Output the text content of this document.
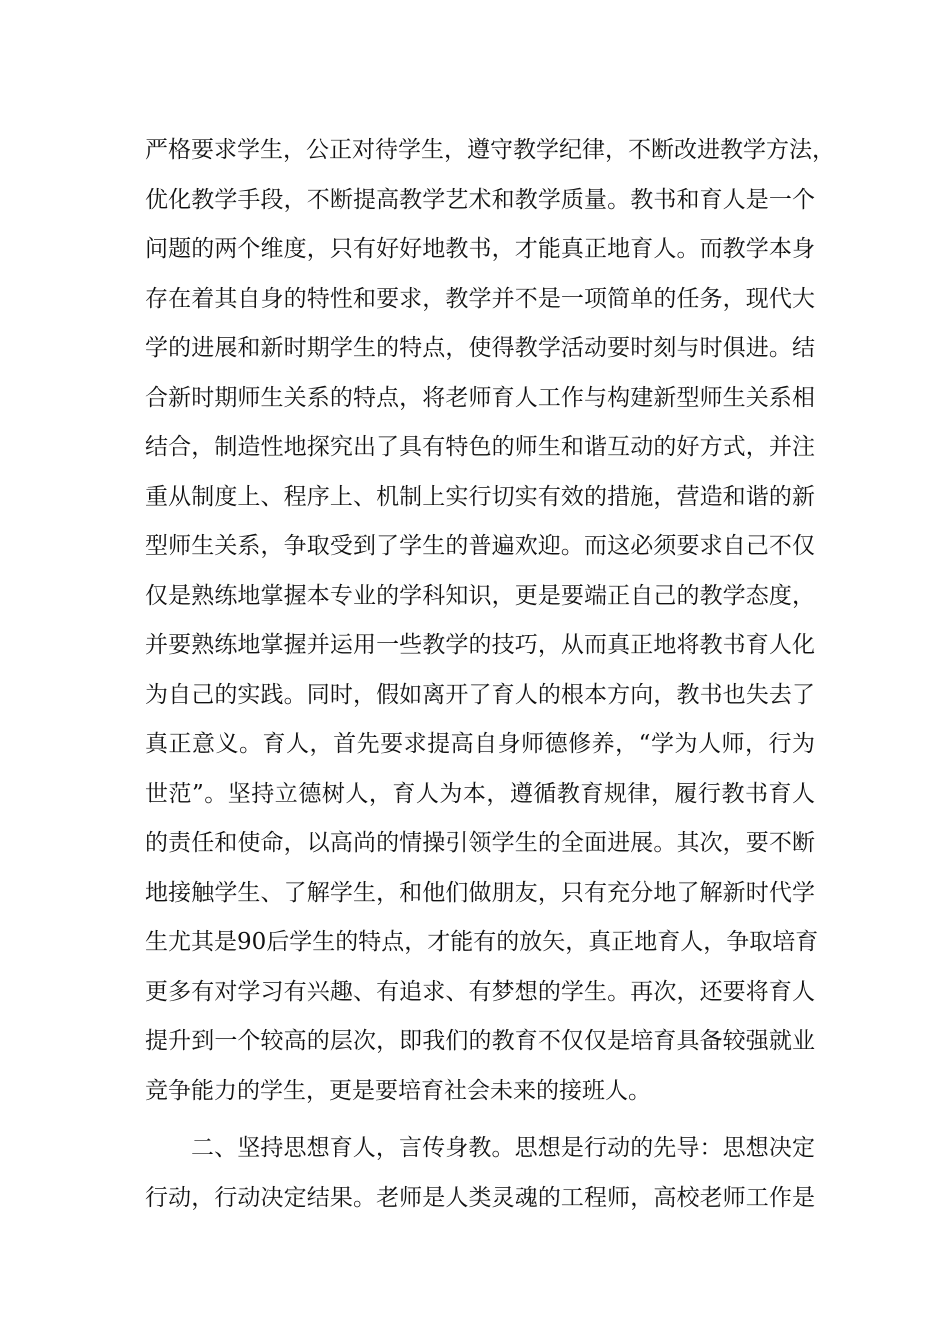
严格要求学生，公正对待学生，遵守教学纪律，不断改进教学方法，
优化教学手段，不断提高教学艺术和教学质量。教书和育人是一个
问题的两个维度，只有好好地教书，才能真正地育人。而教学本身
存在着其自身的特性和要求，教学并不是一项简单的任务，现代大
学的进展和新时期学生的特点，使得教学活动要时刻与时俱进。结
合新时期师生关系的特点，将老师育人工作与构建新型师生关系相
结合，制造性地探究出了具有特色的师生和谐互动的好方式，并注
重从制度上、程序上、机制上实行切实有效的措施，营造和谐的新
型师生关系，争取受到了学生的普遍欢迎。而这必须要求自己不仅
仅是熟练地掌握本专业的学科知识，更是要端正自己的教学态度，
并要熟练地掌握并运用一些教学的技巧，从而真正地将教书育人化
为自己的实践。同时，假如离开了育人的根本方向，教书也失去了
真正意义。育人，首先要求提高自身师德修养，“学为人师，行为
世范”。坚持立德树人，育人为本，遵循教育规律，履行教书育人
的责任和使命，以高尚的情操引领学生的全面进展。其次，要不断
地接触学生、了解学生，和他们做朋友，只有充分地了解新时代学
生尤其是90后学生的特点，才能有的放矢，真正地育人，争取培育
更多有对学习有兴趣、有追求、有梦想的学生。再次，还要将育人
提升到一个较高的层次，即我们的教育不仅仅是培育具备较强就业
竞争能力的学生，更是要培育社会未来的接班人。
二、坚持思想育人，言传身教。思想是行动的先导：思想决定
行动，行动决定结果。老师是人类灵魂的工程师，高校老师工作是
